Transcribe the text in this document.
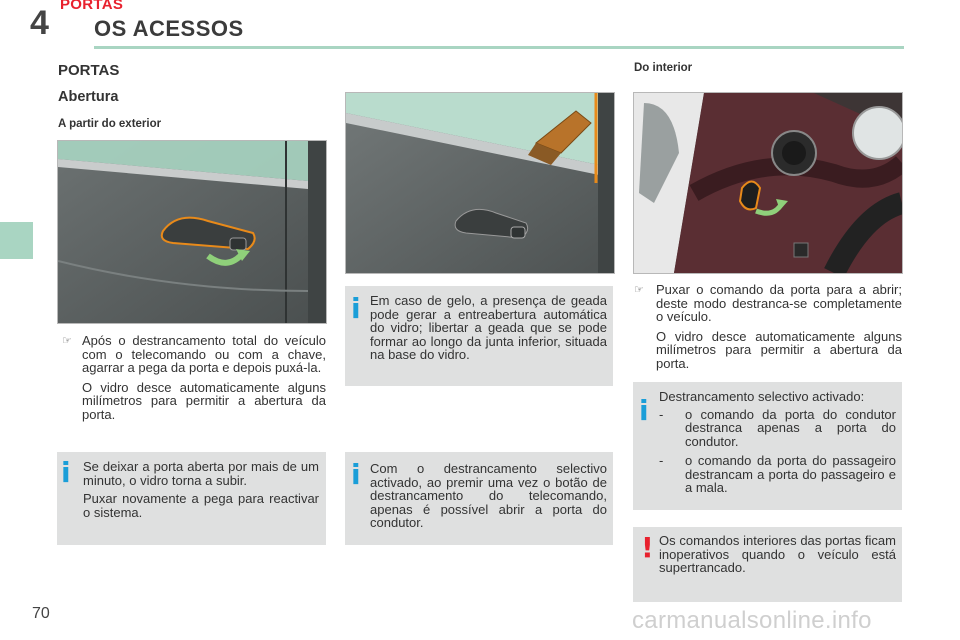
4 PORTAS
OS ACESSOS
PORTAS
Abertura
A partir do exterior
☞ Após o destrancamento total do veículo com o telecomando ou com a chave, agarrar a pega da porta e depois puxá-la.
O vidro desce automaticamente alguns milímetros para permitir a abertura da porta.
i Se deixar a porta aberta por mais de um minuto, o vidro torna a subir.
Puxar novamente a pega para reactivar o sistema.
i Em caso de gelo, a presença de geada pode gerar a entreabertura automática do vidro; libertar a geada que se pode formar ao longo da junta inferior, situada na base do vidro.
i Com o destrancamento selectivo activado, ao premir uma vez o botão de destrancamento do telecomando, apenas é possível abrir a porta do condutor.
Do interior
☞ Puxar o comando da porta para a abrir; deste modo destranca-se completamente o veículo.
O vidro desce automaticamente alguns milímetros para permitir a abertura da porta.
i Destrancamento selectivo activado:
-	o comando da porta do condutor destranca apenas a porta do condutor.
-	o comando da porta do passageiro destrancam a porta do passageiro e a mala.
! Os comandos interiores das portas ficam inoperativos quando o veículo está supertrancado.
70	carmanualsonline.info
